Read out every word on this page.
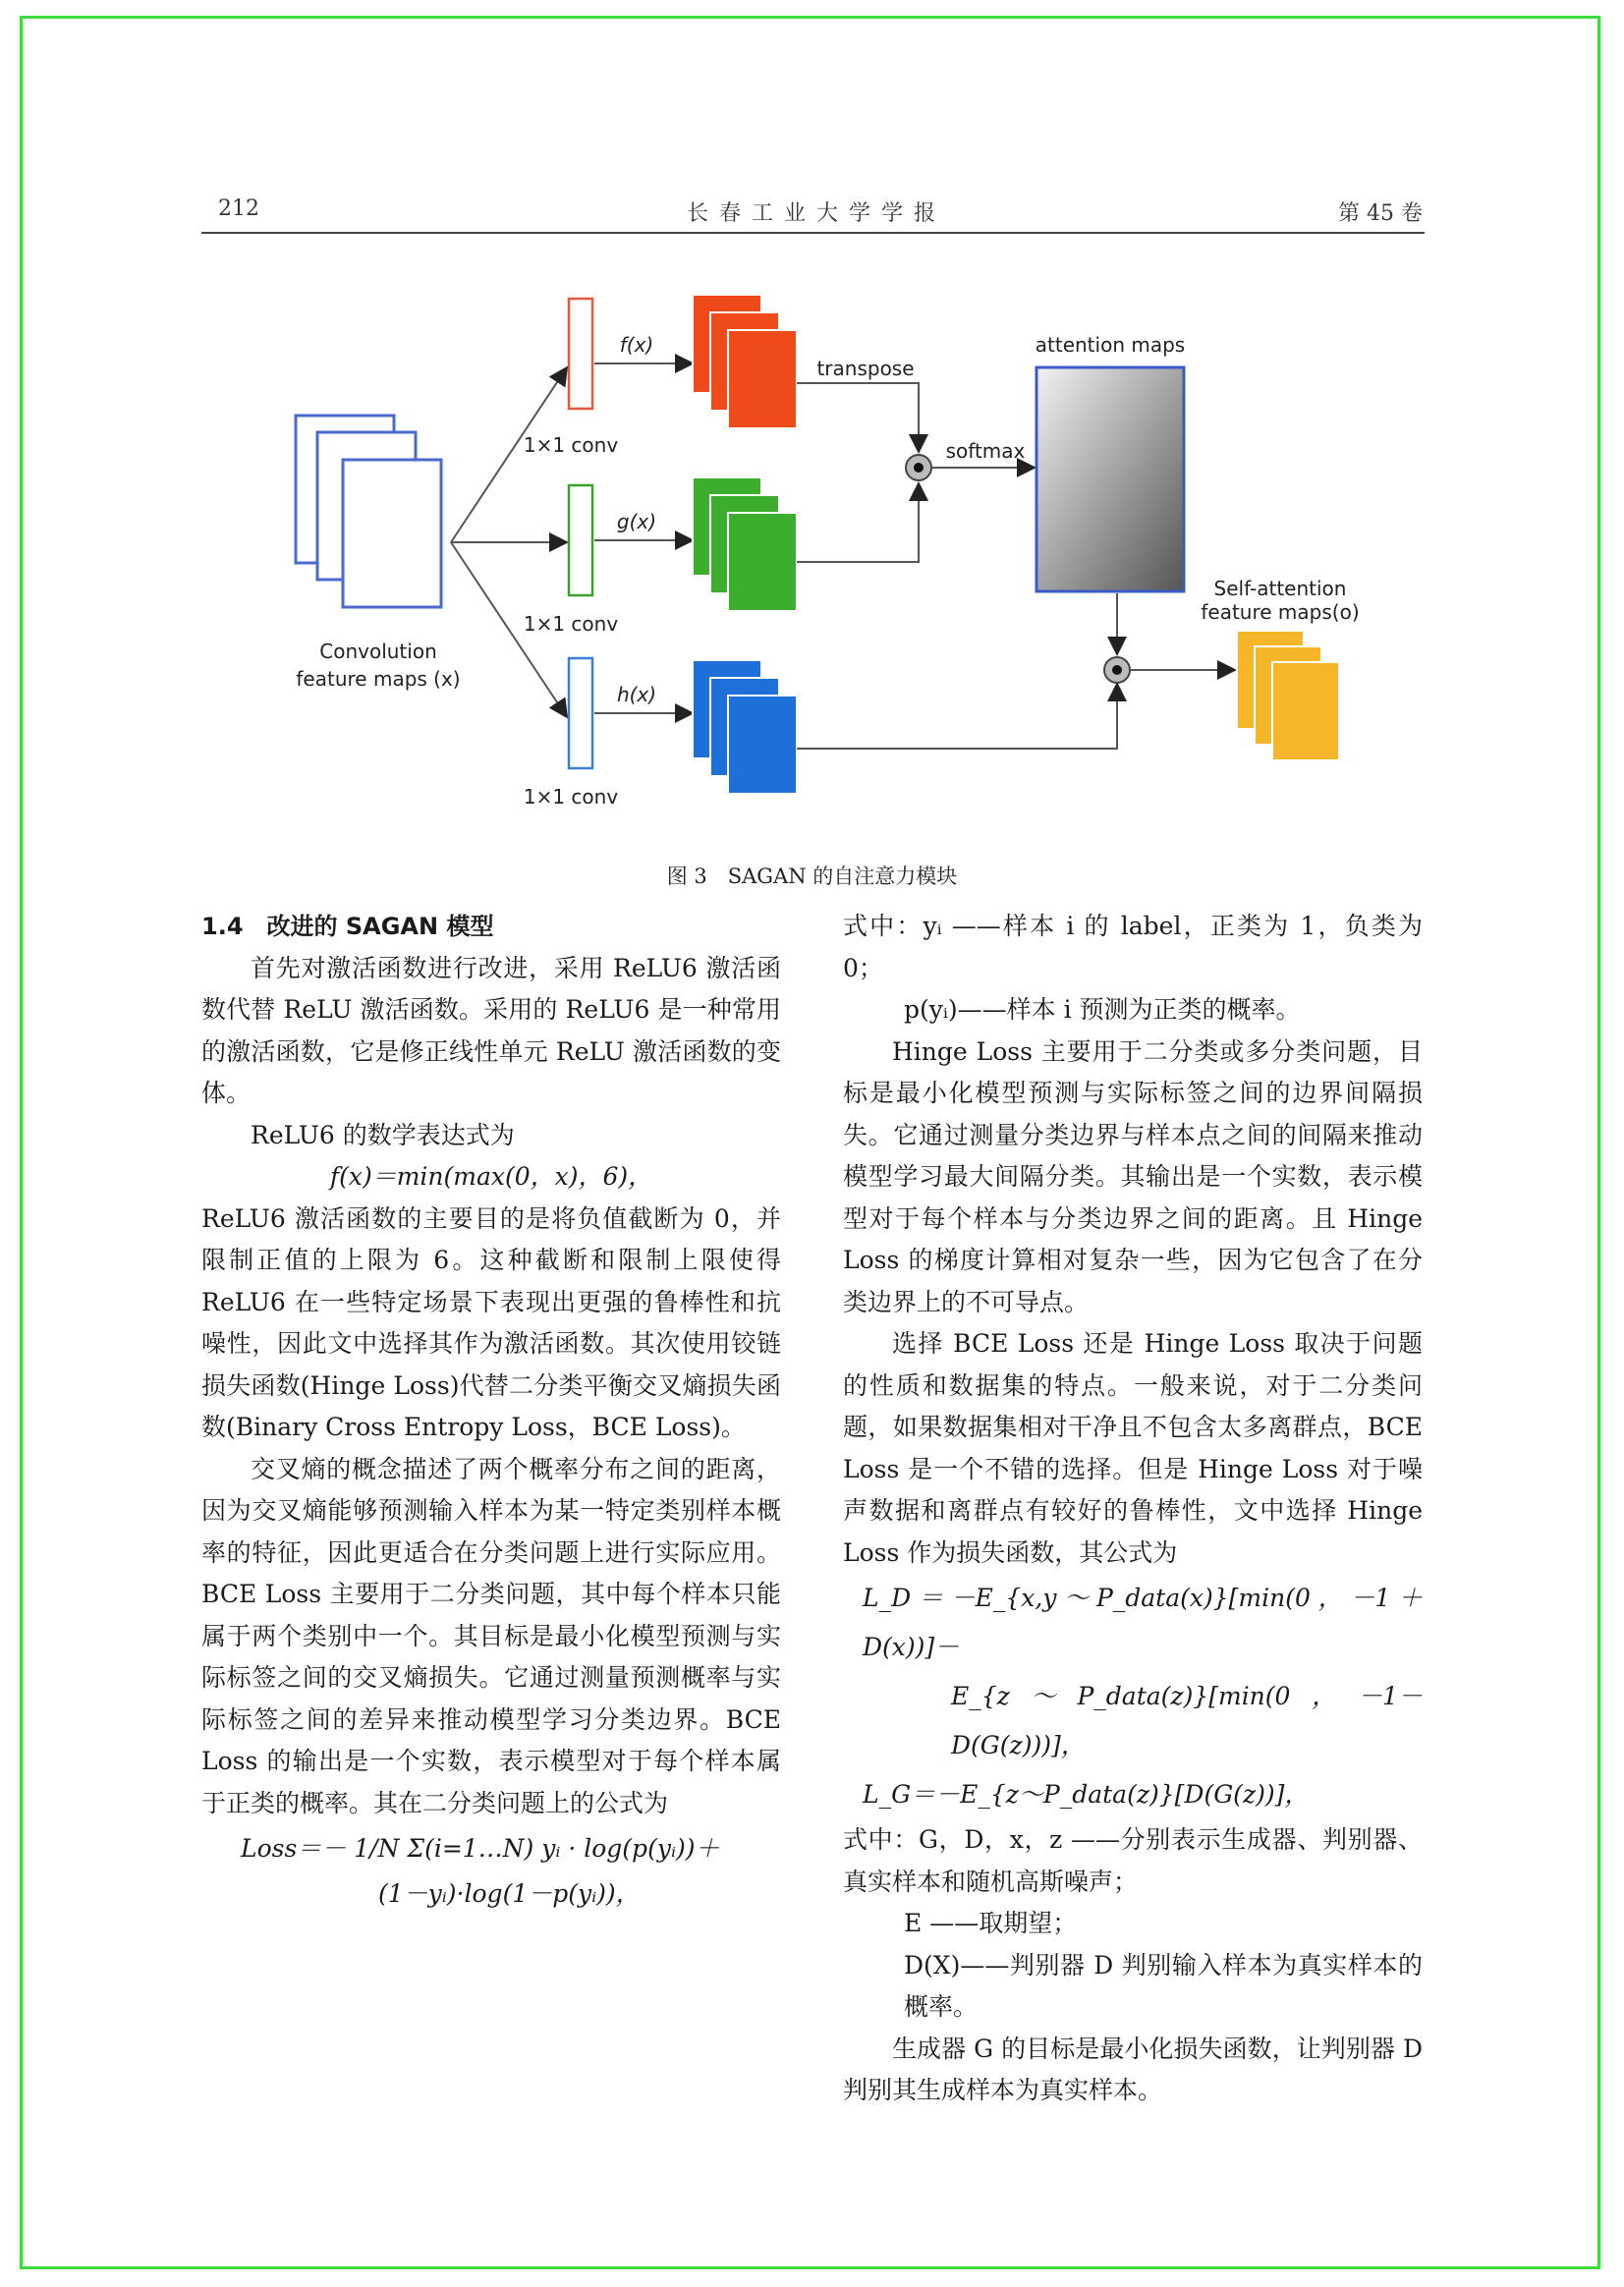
212	长 春 工 业 大 学 学 报	第 45 卷
Convolution
feature maps (x)
1×1 conv
1×1 conv
1×1 conv
f(x)
g(x)
h(x)
transpose
softmax
attention maps
Self-attention
feature maps(o)
图 3　SAGAN 的自注意力模块

1.4　改进的 SAGAN 模型

首先对激活函数进行改进，采用 ReLU6 激活函数代替 ReLU 激活函数。采用的 ReLU6 是一种常用的激活函数，它是修正线性单元 ReLU 激活函数的变体。

ReLU6 的数学表达式为

f(x)＝min(max(0，x)，6)，

ReLU6 激活函数的主要目的是将负值截断为 0，并限制正值的上限为 6。这种截断和限制上限使得 ReLU6 在一些特定场景下表现出更强的鲁棒性和抗噪性，因此文中选择其作为激活函数。其次使用铰链损失函数(Hinge Loss)代替二分类平衡交叉熵损失函数(Binary Cross Entropy Loss，BCE Loss)。

交叉熵的概念描述了两个概率分布之间的距离，因为交叉熵能够预测输入样本为某一特定类别样本概率的特征，因此更适合在分类问题上进行实际应用。BCE Loss 主要用于二分类问题，其中每个样本只能属于两个类别中一个。其目标是最小化模型预测与实际标签之间的交叉熵损失。它通过测量预测概率与实际标签之间的差异来推动模型学习分类边界。BCE Loss 的输出是一个实数，表示模型对于每个样本属于正类的概率。其在二分类问题上的公式为

Loss＝－ 1/N Σ(i=1…N) yᵢ · log(p(yᵢ))＋

(1－yᵢ)·log(1－p(yᵢ))，

式中：yᵢ ——样本 i 的 label，正类为 1，负类为 0；

p(yᵢ)——样本 i 预测为正类的概率。

Hinge Loss 主要用于二分类或多分类问题，目标是最小化模型预测与实际标签之间的边界间隔损失。它通过测量分类边界与样本点之间的间隔来推动模型学习最大间隔分类。其输出是一个实数，表示模型对于每个样本与分类边界之间的距离。且 Hinge Loss 的梯度计算相对复杂一些，因为它包含了在分类边界上的不可导点。

选择 BCE Loss 还是 Hinge Loss 取决于问题的性质和数据集的特点。一般来说，对于二分类问题，如果数据集相对干净且不包含太多离群点，BCE Loss 是一个不错的选择。但是 Hinge Loss 对于噪声数据和离群点有较好的鲁棒性，文中选择 Hinge Loss 作为损失函数，其公式为

L_D＝－E_{x,y～P_data(x)}[min(0，－1＋D(x))]－

E_{z～P_data(z)}[min(0，－1－D(G(z)))]，

L_G＝－E_{z～P_data(z)}[D(G(z))]，

式中：G，D，x，z ——分别表示生成器、判别器、真实样本和随机高斯噪声；

E ——取期望；

D(X)——判别器 D 判别输入样本为真实样本的概率。

生成器 G 的目标是最小化损失函数，让判别器 D 判别其生成样本为真实样本。
